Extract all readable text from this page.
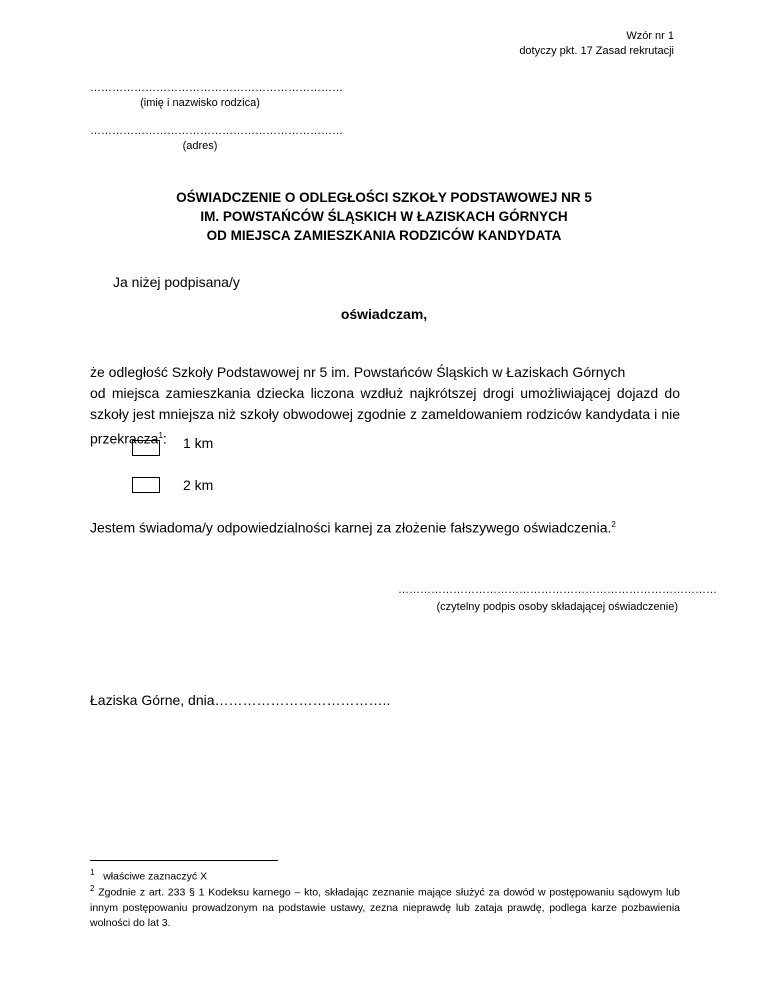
Wzór nr 1
dotyczy pkt. 17 Zasad rekrutacji
……………………………………………………………
(imię i nazwisko rodzica)
……………………………………………………………
(adres)
OŚWIADCZENIE O ODLEGŁOŚCI SZKOŁY PODSTAWOWEJ NR 5
IM. POWSTAŃCÓW ŚLĄSKICH W ŁAZISKACH GÓRNYCH
OD MIEJSCA ZAMIESZKANIA RODZICÓW KANDYDATA
Ja niżej podpisana/y
oświadczam,
że odległość Szkoły Podstawowej nr 5 im. Powstańców Śląskich w Łaziskach Górnych
od miejsca zamieszkania dziecka liczona wzdłuż najkrótszej drogi umożliwiającej dojazd do szkoły jest mniejsza niż szkoły obwodowej zgodnie z zameldowaniem rodziców kandydata i nie przekracza$^1$:	1 km
2 km
Jestem świadoma/y odpowiedzialności karnej za złożenie fałszywego oświadczenia.$^2$
……………………………………………………………………………
(czytelny podpis osoby składającej oświadczenie)
Łaziska Górne, dnia………………………………..
$^1$ właściwe zaznaczyć X
$^2$ Zgodnie z art. 233 § 1 Kodeksu karnego – kto, składając zeznanie mające służyć za dowód w postępowaniu sądowym lub innym postępowaniu prowadzonym na podstawie ustawy, zezna nieprawdę lub zataja prawdę, podlega karze pozbawienia wolności do lat 3.
